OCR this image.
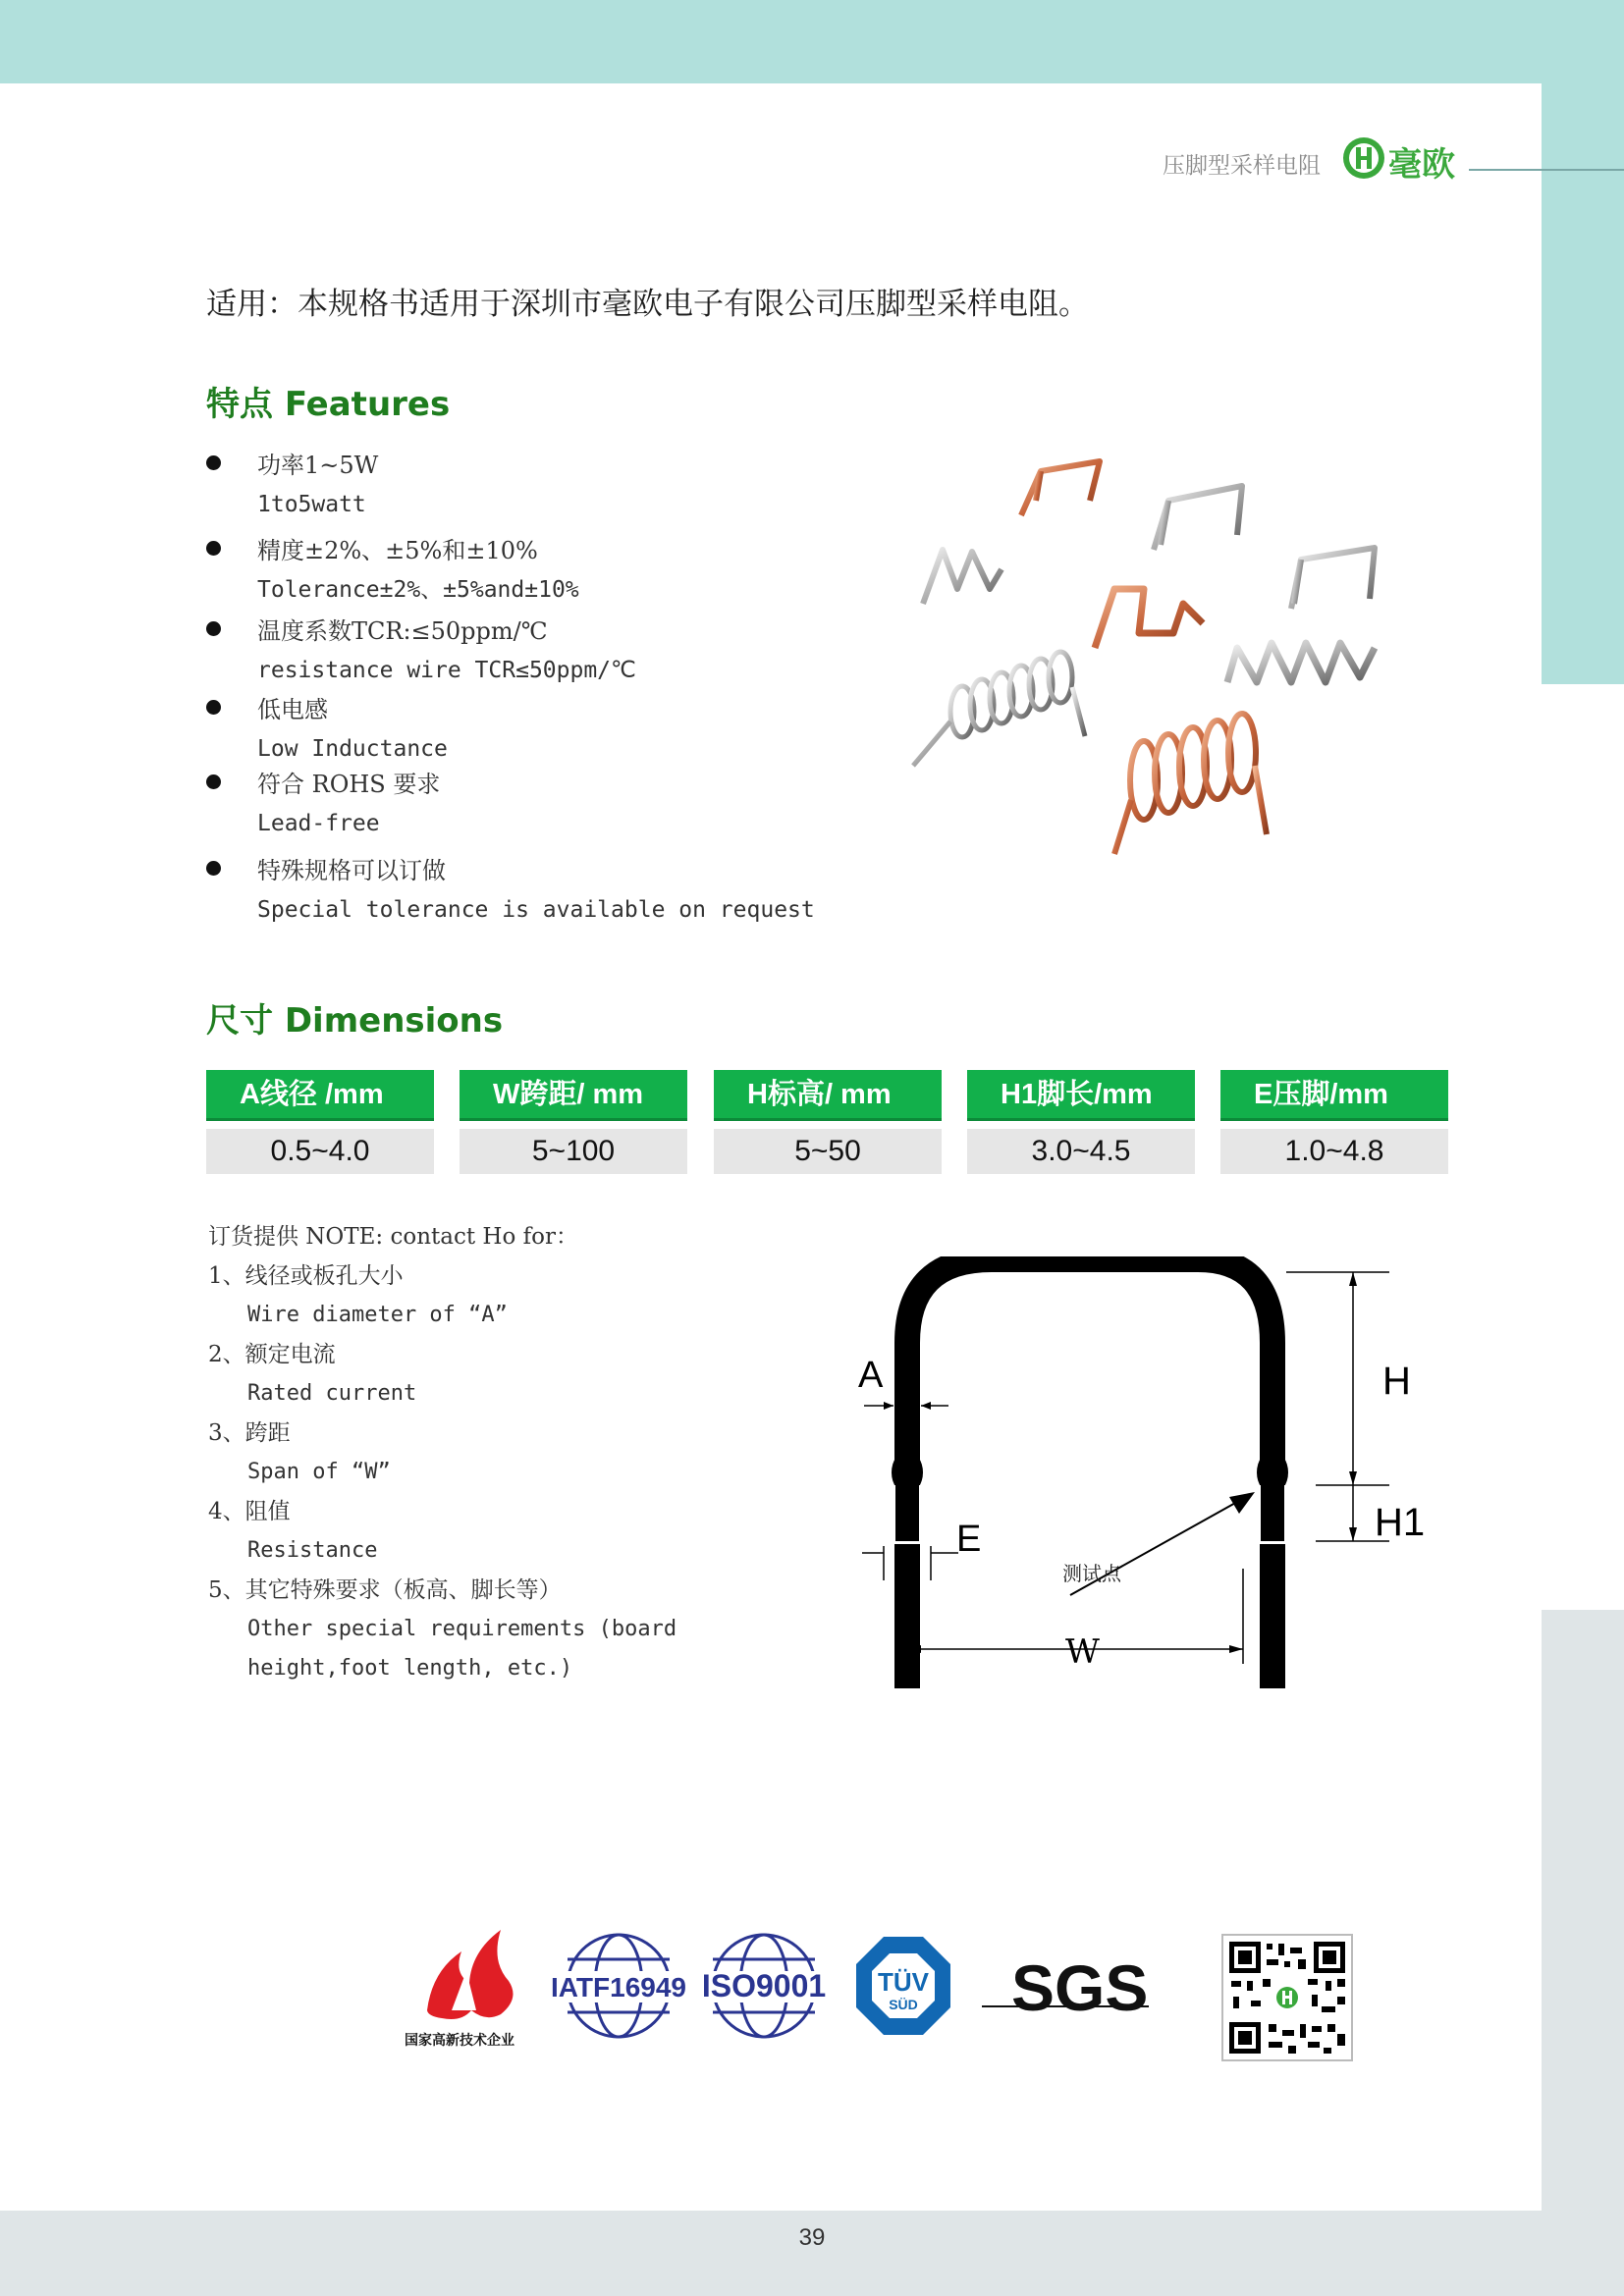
压脚型采样电阻 毫欧
适用：本规格书适用于深圳市毫欧电子有限公司压脚型采样电阻。
特点 Features
功率1~5W
1to5watt
精度±2%、±5%和±10%
Tolerance±2%、±5%and±10%
温度系数TCR:≤50ppm/℃
resistance wire TCR≤50ppm/℃
低电感
Low Inductance
符合 ROHS 要求
Lead-free
特殊规格可以订做
Special tolerance is available on request
尺寸 Dimensions
A线径 /mm
0.5~4.0
W跨距/ mm
5~100
H标高/ mm
5~50
H1脚长/mm
3.0~4.5
E压脚/mm
1.0~4.8
订货提供 NOTE: contact Ho for：
1、线径或板孔大小
Wire diameter of “A”
2、额定电流
Rated current
3、跨距
Span of “W”
4、阻值
Resistance
5、其它特殊要求（板高、脚长等）
Other special requirements (board
height,foot length, etc.)
A
E
H
H1
测试点
W
国家高新技术企业
IATF16949 ISO9001 TÜV
SÜD SGS
39
